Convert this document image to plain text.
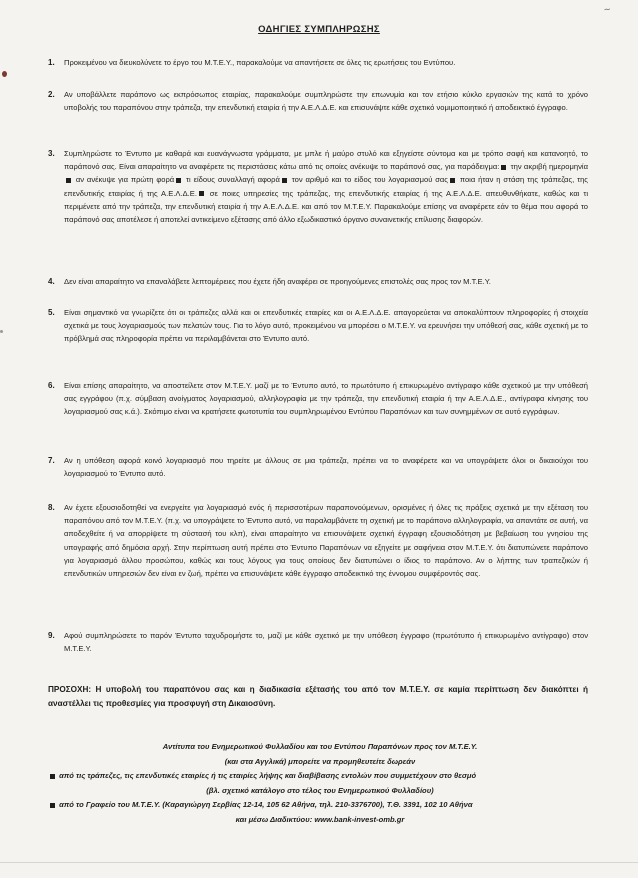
~
ΟΔΗΓΙΕΣ ΣΥΜΠΛΗΡΩΣΗΣ
1.	Προκειμένου να διευκολύνετε το έργο του Μ.Τ.Ε.Υ., παρακαλούμε να απαντήσετε σε όλες τις ερωτήσεις του Εντύπου.
2.	Αν υποβάλλετε παράπονο ως εκπρόσωπος εταιρίας, παρακαλούμε συμπληρώστε την επωνυμία και τον ετήσιο κύκλο εργασιών της κατά το χρόνο υποβολής του παραπόνου στην τράπεζα, την επενδυτική εταιρία ή την Α.Ε.Λ.Δ.Ε. και επισυνάψτε κάθε σχετικό νομιμοποιητικό ή αποδεικτικό έγγραφο.
3.	Συμπληρώστε το Έντυπο με καθαρά και ευανάγνωστα γράμματα, με μπλε ή μαύρο στυλό και εξηγείστε σύντομα και με τρόπο σαφή και κατανοητό, το παράπονό σας. Είναι απαραίτητο να αναφέρετε τις περιστάσεις κάτω από τις οποίες ανέκυψε το παράπονό σας, για παράδειγμα: την ακριβή ημερομηνία αν ανέκυψε για πρώτη φορά τι είδους συναλλαγή αφορά τον αριθμό και το είδος του λογαριασμού σας ποια ήταν η στάση της τράπεζας, της επενδυτικής εταιρίας ή της Α.Ε.Λ.Δ.Ε. σε ποιες υπηρεσίες της τράπεζας, της επενδυτικής εταιρίας ή της Α.Ε.Λ.Δ.Ε. απευθυνθήκατε, καθώς και τι περιμένετε από την τράπεζα, την επενδυτική εταιρία ή την Α.Ε.Λ.Δ.Ε. και από τον Μ.Τ.Ε.Υ. Παρακαλούμε επίσης να αναφέρετε εάν το θέμα που αφορά το παράπονό σας αποτέλεσε ή αποτελεί αντικείμενο εξέτασης από άλλο εξωδικαστικό όργανο συναινετικής επίλυσης διαφορών.
4.	Δεν είναι απαραίτητο να επαναλάβετε λεπτομέρειες που έχετε ήδη αναφέρει σε προηγούμενες επιστολές σας προς τον Μ.Τ.Ε.Υ.
5.	Είναι σημαντικό να γνωρίζετε ότι οι τράπεζες αλλά και οι επενδυτικές εταιρίες και οι Α.Ε.Λ.Δ.Ε. απαγορεύεται να αποκαλύπτουν πληροφορίες ή στοιχεία σχετικά με τους λογαριασμούς των πελατών τους. Για το λόγο αυτό, προκειμένου να μπορέσει ο Μ.Τ.Ε.Υ. να ερευνήσει την υπόθεσή σας, κάθε σχετική με το πρόβλημά σας πληροφορία πρέπει να περιλαμβάνεται στο Έντυπο αυτό.
6.	Είναι επίσης απαραίτητο, να αποστείλετε στον Μ.Τ.Ε.Υ. μαζί με το Έντυπο αυτό, το πρωτότυπο ή επικυρωμένο αντίγραφο κάθε σχετικού με την υπόθεσή σας εγγράφου (π.χ. σύμβαση ανοίγματος λογαριασμού, αλληλογραφία με την τράπεζα, την επενδυτική εταιρία ή την Α.Ε.Λ.Δ.Ε., αντίγραφα κίνησης του λογαριασμού σας κ.ά.). Σκόπιμο είναι να κρατήσετε φωτοτυπία του συμπληρωμένου Εντύπου Παραπόνων και των συνημμένων σε αυτό εγγράφων.
7.	Αν η υπόθεση αφορά κοινό λογαριασμό που τηρείτε με άλλους σε μια τράπεζα, πρέπει να το αναφέρετε και να υπογράψετε όλοι οι δικαιούχοι του λογαριασμού το Έντυπο αυτό.
8.	Αν έχετε εξουσιοδοτηθεί να ενεργείτε για λογαριασμό ενός ή περισσοτέρων παραπονούμενων, ορισμένες ή όλες τις πράξεις σχετικά με την εξέταση του παραπόνου από τον Μ.Τ.Ε.Υ. (π.χ. να υπογράψετε το Έντυπο αυτό, να παραλαμβάνετε τη σχετική με το παράπονο αλληλογραφία, να απαντάτε σε αυτή, να αποδεχθείτε ή να απορρίψετε τη σύστασή του κλπ), είναι απαραίτητο να επισυνάψετε σχετική έγγραφη εξουσιοδότηση με βεβαίωση του γνησίου της υπογραφής από δημόσια αρχή. Στην περίπτωση αυτή πρέπει στο Έντυπο Παραπόνων να εξηγείτε με σαφήνεια στον Μ.Τ.Ε.Υ. ότι διατυπώνετε παράπονο για λογαριασμό άλλου προσώπου, καθώς και τους λόγους για τους οποίους δεν διατυπώνει ο ίδιος το παράπονο. Αν ο λήπτης των τραπεζικών ή επενδυτικών υπηρεσιών δεν είναι εν ζωή, πρέπει να επισυνάψετε κάθε έγγραφο αποδεικτικό της έννομου συμφέροντός σας.
9.	Αφού συμπληρώσετε το παρόν Έντυπο ταχυδρομήστε το, μαζί με κάθε σχετικό με την υπόθεση έγγραφο (πρωτότυπο ή επικυρωμένο αντίγραφο) στον Μ.Τ.Ε.Υ.
ΠΡΟΣΟΧΗ: Η υποβολή του παραπόνου σας και η διαδικασία εξέτασής του από τον Μ.Τ.Ε.Υ. σε καμία περίπτωση δεν διακόπτει ή αναστέλλει τις προθεσμίες για προσφυγή στη Δικαιοσύνη.
Αντίτυπα του Ενημερωτικού Φυλλαδίου και του Εντύπου Παραπόνων προς τον Μ.Τ.Ε.Υ.
(και στα Αγγλικά) μπορείτε να προμηθευτείτε δωρεάν
από τις τράπεζες, τις επενδυτικές εταιρίες ή τις εταιρίες λήψης και διαβίβασης εντολών που συμμετέχουν στο θεσμό
(βλ. σχετικό κατάλογο στο τέλος του Ενημερωτικού Φυλλαδίου)
από το Γραφείο του Μ.Τ.Ε.Υ. (Καραγιώργη Σερβίας 12-14, 105 62 Αθήνα, τηλ. 210-3376700), Τ.Θ. 3391, 102 10 Αθήνα
και μέσω Διαδικτύου: www.bank-invest-omb.gr
